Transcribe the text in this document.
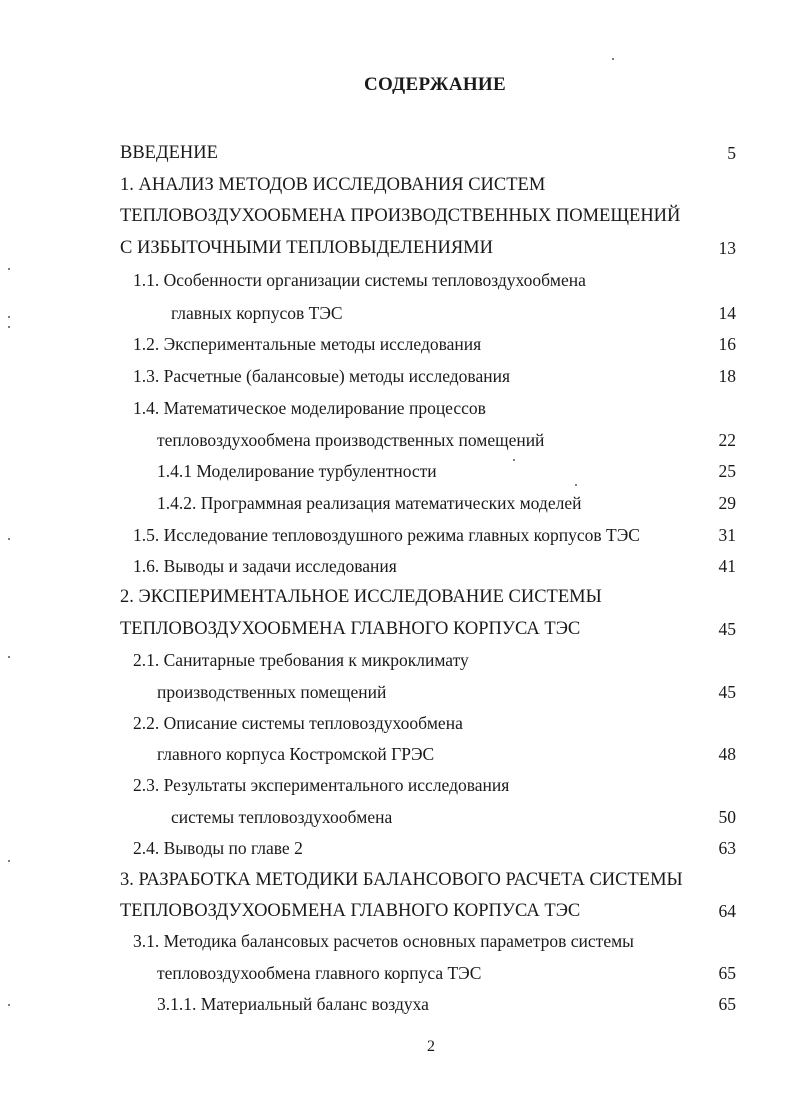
СОДЕРЖАНИЕ
ВВЕДЕНИЕ	5
1. АНАЛИЗ МЕТОДОВ ИССЛЕДОВАНИЯ СИСТЕМ
ТЕПЛОВОЗДУХООБМЕНА ПРОИЗВОДСТВЕННЫХ ПОМЕЩЕНИЙ
С ИЗБЫТОЧНЫМИ ТЕПЛОВЫДЕЛЕНИЯМИ	13
1.1. Особенности организации системы тепловоздухообмена
главных корпусов ТЭС	14
1.2. Экспериментальные методы исследования	16
1.3. Расчетные (балансовые) методы исследования	18
1.4. Математическое моделирование процессов
тепловоздухообмена производственных помещений	22
1.4.1 Моделирование турбулентности	25
1.4.2. Программная реализация математических моделей	29
1.5. Исследование тепловоздушного режима главных корпусов ТЭС	31
1.6. Выводы и задачи исследования	41
2. ЭКСПЕРИМЕНТАЛЬНОЕ ИССЛЕДОВАНИЕ СИСТЕМЫ
ТЕПЛОВОЗДУХООБМЕНА ГЛАВНОГО КОРПУСА ТЭС	45
2.1. Санитарные требования к микроклимату
производственных помещений	45
2.2. Описание системы тепловоздухообмена
главного корпуса Костромской ГРЭС	48
2.3. Результаты экспериментального исследования
системы тепловоздухообмена	50
2.4. Выводы по главе 2	63
3. РАЗРАБОТКА МЕТОДИКИ БАЛАНСОВОГО РАСЧЕТА СИСТЕМЫ
ТЕПЛОВОЗДУХООБМЕНА ГЛАВНОГО КОРПУСА ТЭС	64
3.1. Методика балансовых расчетов основных параметров системы
тепловоздухообмена главного корпуса ТЭС	65
3.1.1. Материальный баланс воздуха	65
2
